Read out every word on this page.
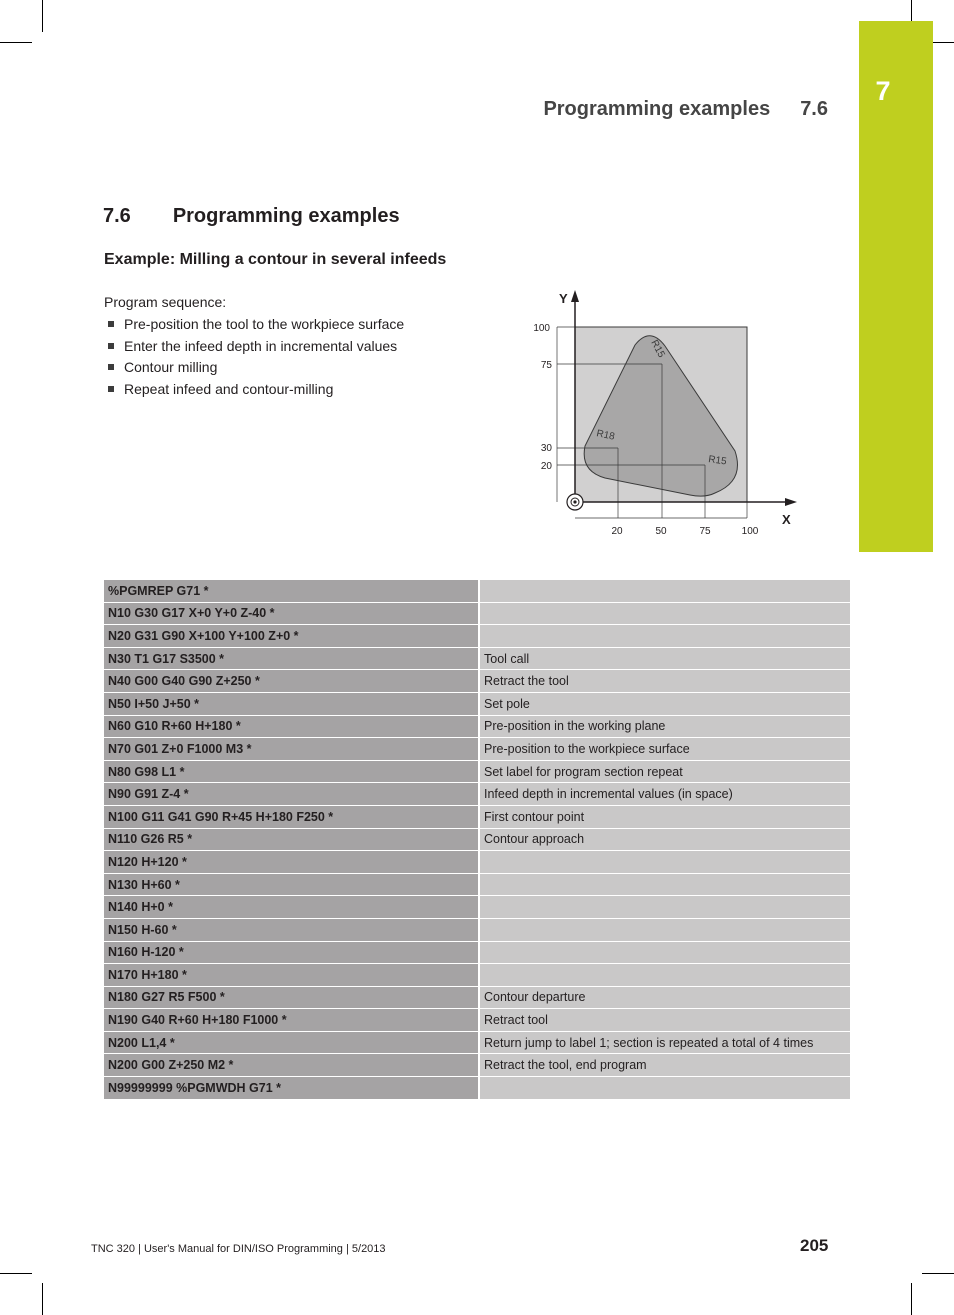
7
Programming examples 7.6
7.6 Programming examples
Example: Milling a contour in several infeeds
Program sequence:
Pre-position the tool to the workpiece surface
Enter the infeed depth in incremental values
Contour milling
Repeat infeed and contour-milling
Y
X
100
75
30
20
20	50	75	100
R15
R18
R15
%PGMREP G71 *	
N10 G30 G17 X+0 Y+0 Z-40 *	
N20 G31 G90 X+100 Y+100 Z+0 *	
N30 T1 G17 S3500 *	Tool call
N40 G00 G40 G90 Z+250 *	Retract the tool
N50 I+50 J+50 *	Set pole
N60 G10 R+60 H+180 *	Pre-position in the working plane
N70 G01 Z+0 F1000 M3 *	Pre-position to the workpiece surface
N80 G98 L1 *	Set label for program section repeat
N90 G91 Z-4 *	Infeed depth in incremental values (in space)
N100 G11 G41 G90 R+45 H+180 F250 *	First contour point
N110 G26 R5 *	Contour approach
N120 H+120 *	
N130 H+60 *	
N140 H+0 *	
N150 H-60 *	
N160 H-120 *	
N170 H+180 *	
N180 G27 R5 F500 *	Contour departure
N190 G40 R+60 H+180 F1000 *	Retract tool
N200 L1,4 *	Return jump to label 1; section is repeated a total of 4 times
N200 G00 Z+250 M2 *	Retract the tool, end program
N99999999 %PGMWDH G71 *	
TNC 320 | User's Manual for DIN/ISO Programming | 5/2013	205
